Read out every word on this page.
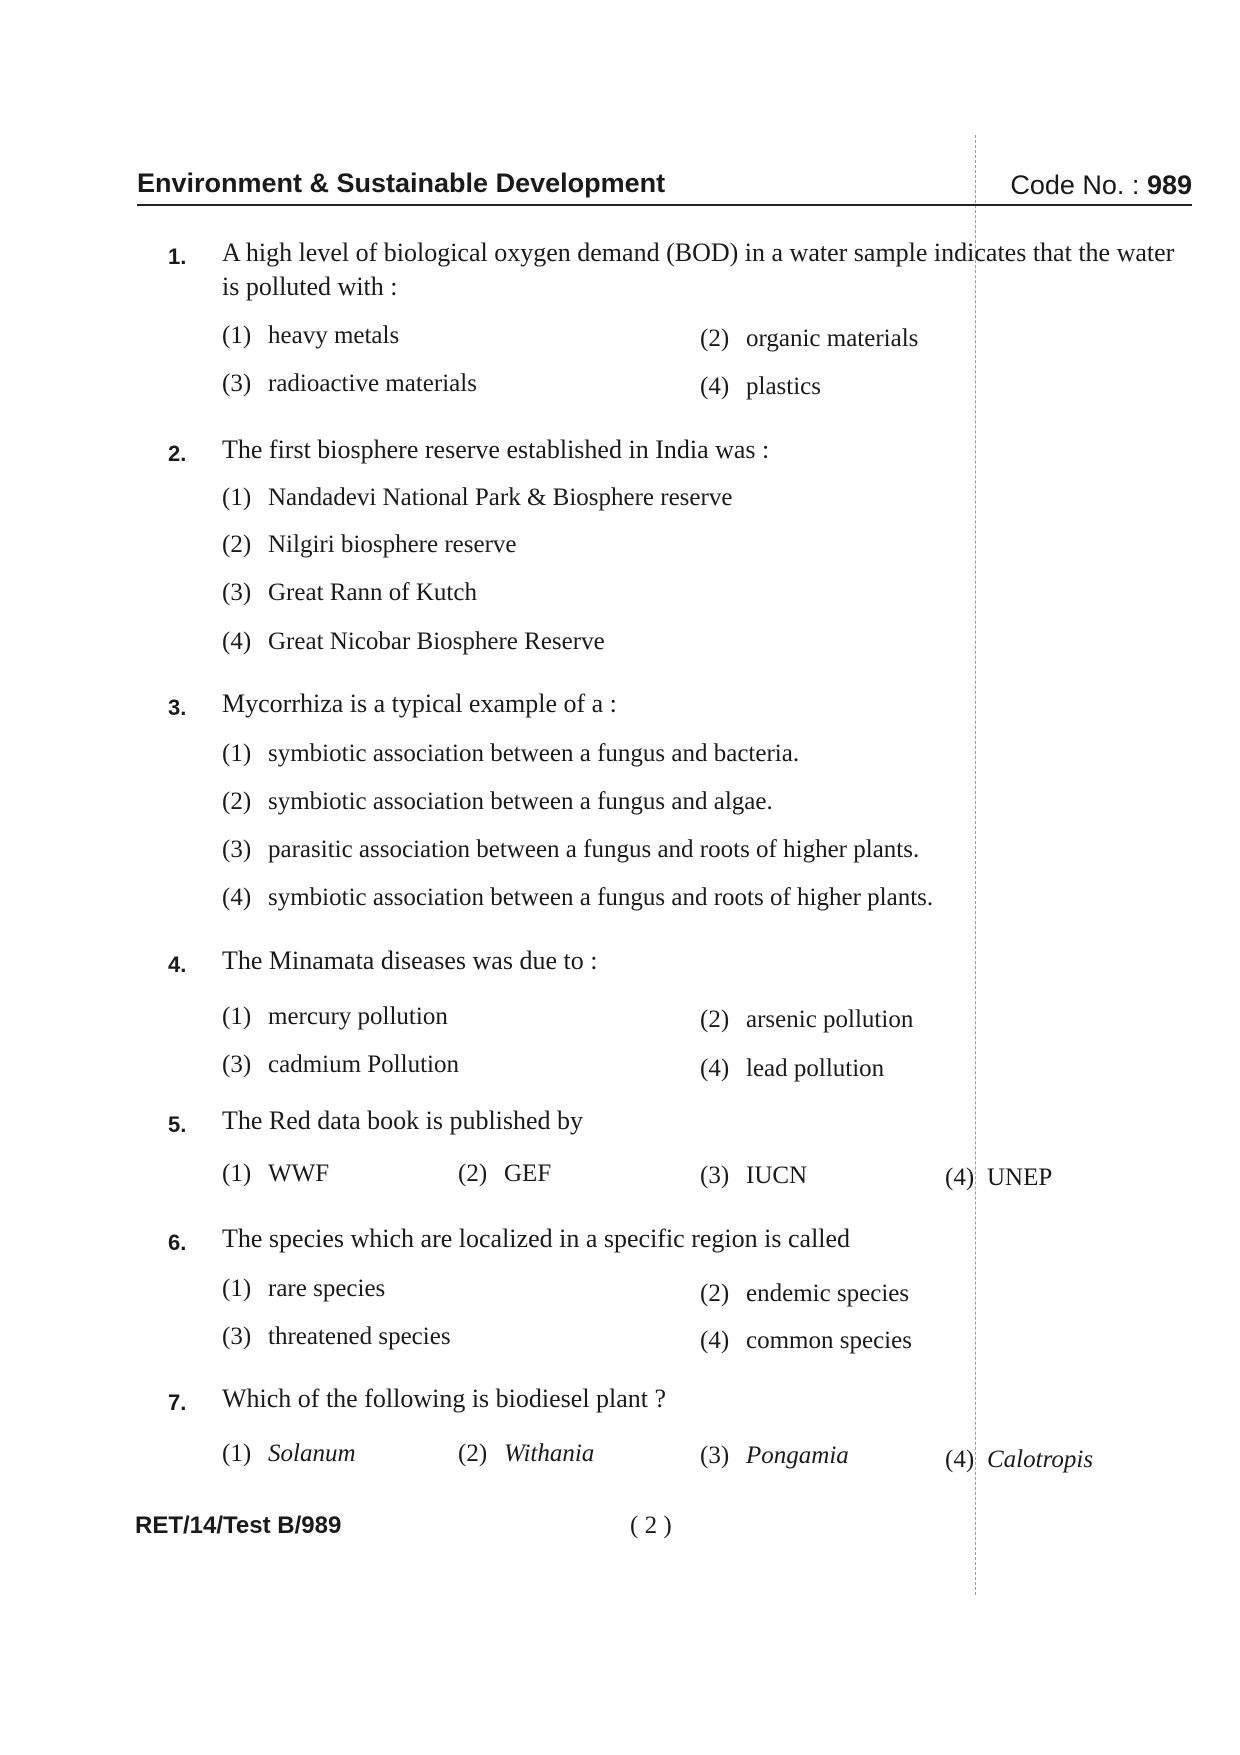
Environment & Sustainable Development	Code No. : 989
1. A high level of biological oxygen demand (BOD) in a water sample indicates that the water is polluted with :
(1) heavy metals	(2) organic materials
(3) radioactive materials	(4) plastics
2. The first biosphere reserve established in India was :
(1) Nandadevi National Park & Biosphere reserve
(2) Nilgiri biosphere reserve
(3) Great Rann of Kutch
(4) Great Nicobar Biosphere Reserve
3. Mycorrhiza is a typical example of a :
(1) symbiotic association between a fungus and bacteria.
(2) symbiotic association between a fungus and algae.
(3) parasitic association between a fungus and roots of higher plants.
(4) symbiotic association between a fungus and roots of higher plants.
4. The Minamata diseases was due to :
(1) mercury pollution	(2) arsenic pollution
(3) cadmium Pollution	(4) lead pollution
5. The Red data book is published by
(1) WWF	(2) GEF	(3) IUCN	(4) UNEP
6. The species which are localized in a specific region is called
(1) rare species	(2) endemic species
(3) threatened species	(4) common species
7. Which of the following is biodiesel plant ?
(1) Solanum	(2) Withania	(3) Pongamia	(4) Calotropis
RET/14/Test B/989	( 2 )
